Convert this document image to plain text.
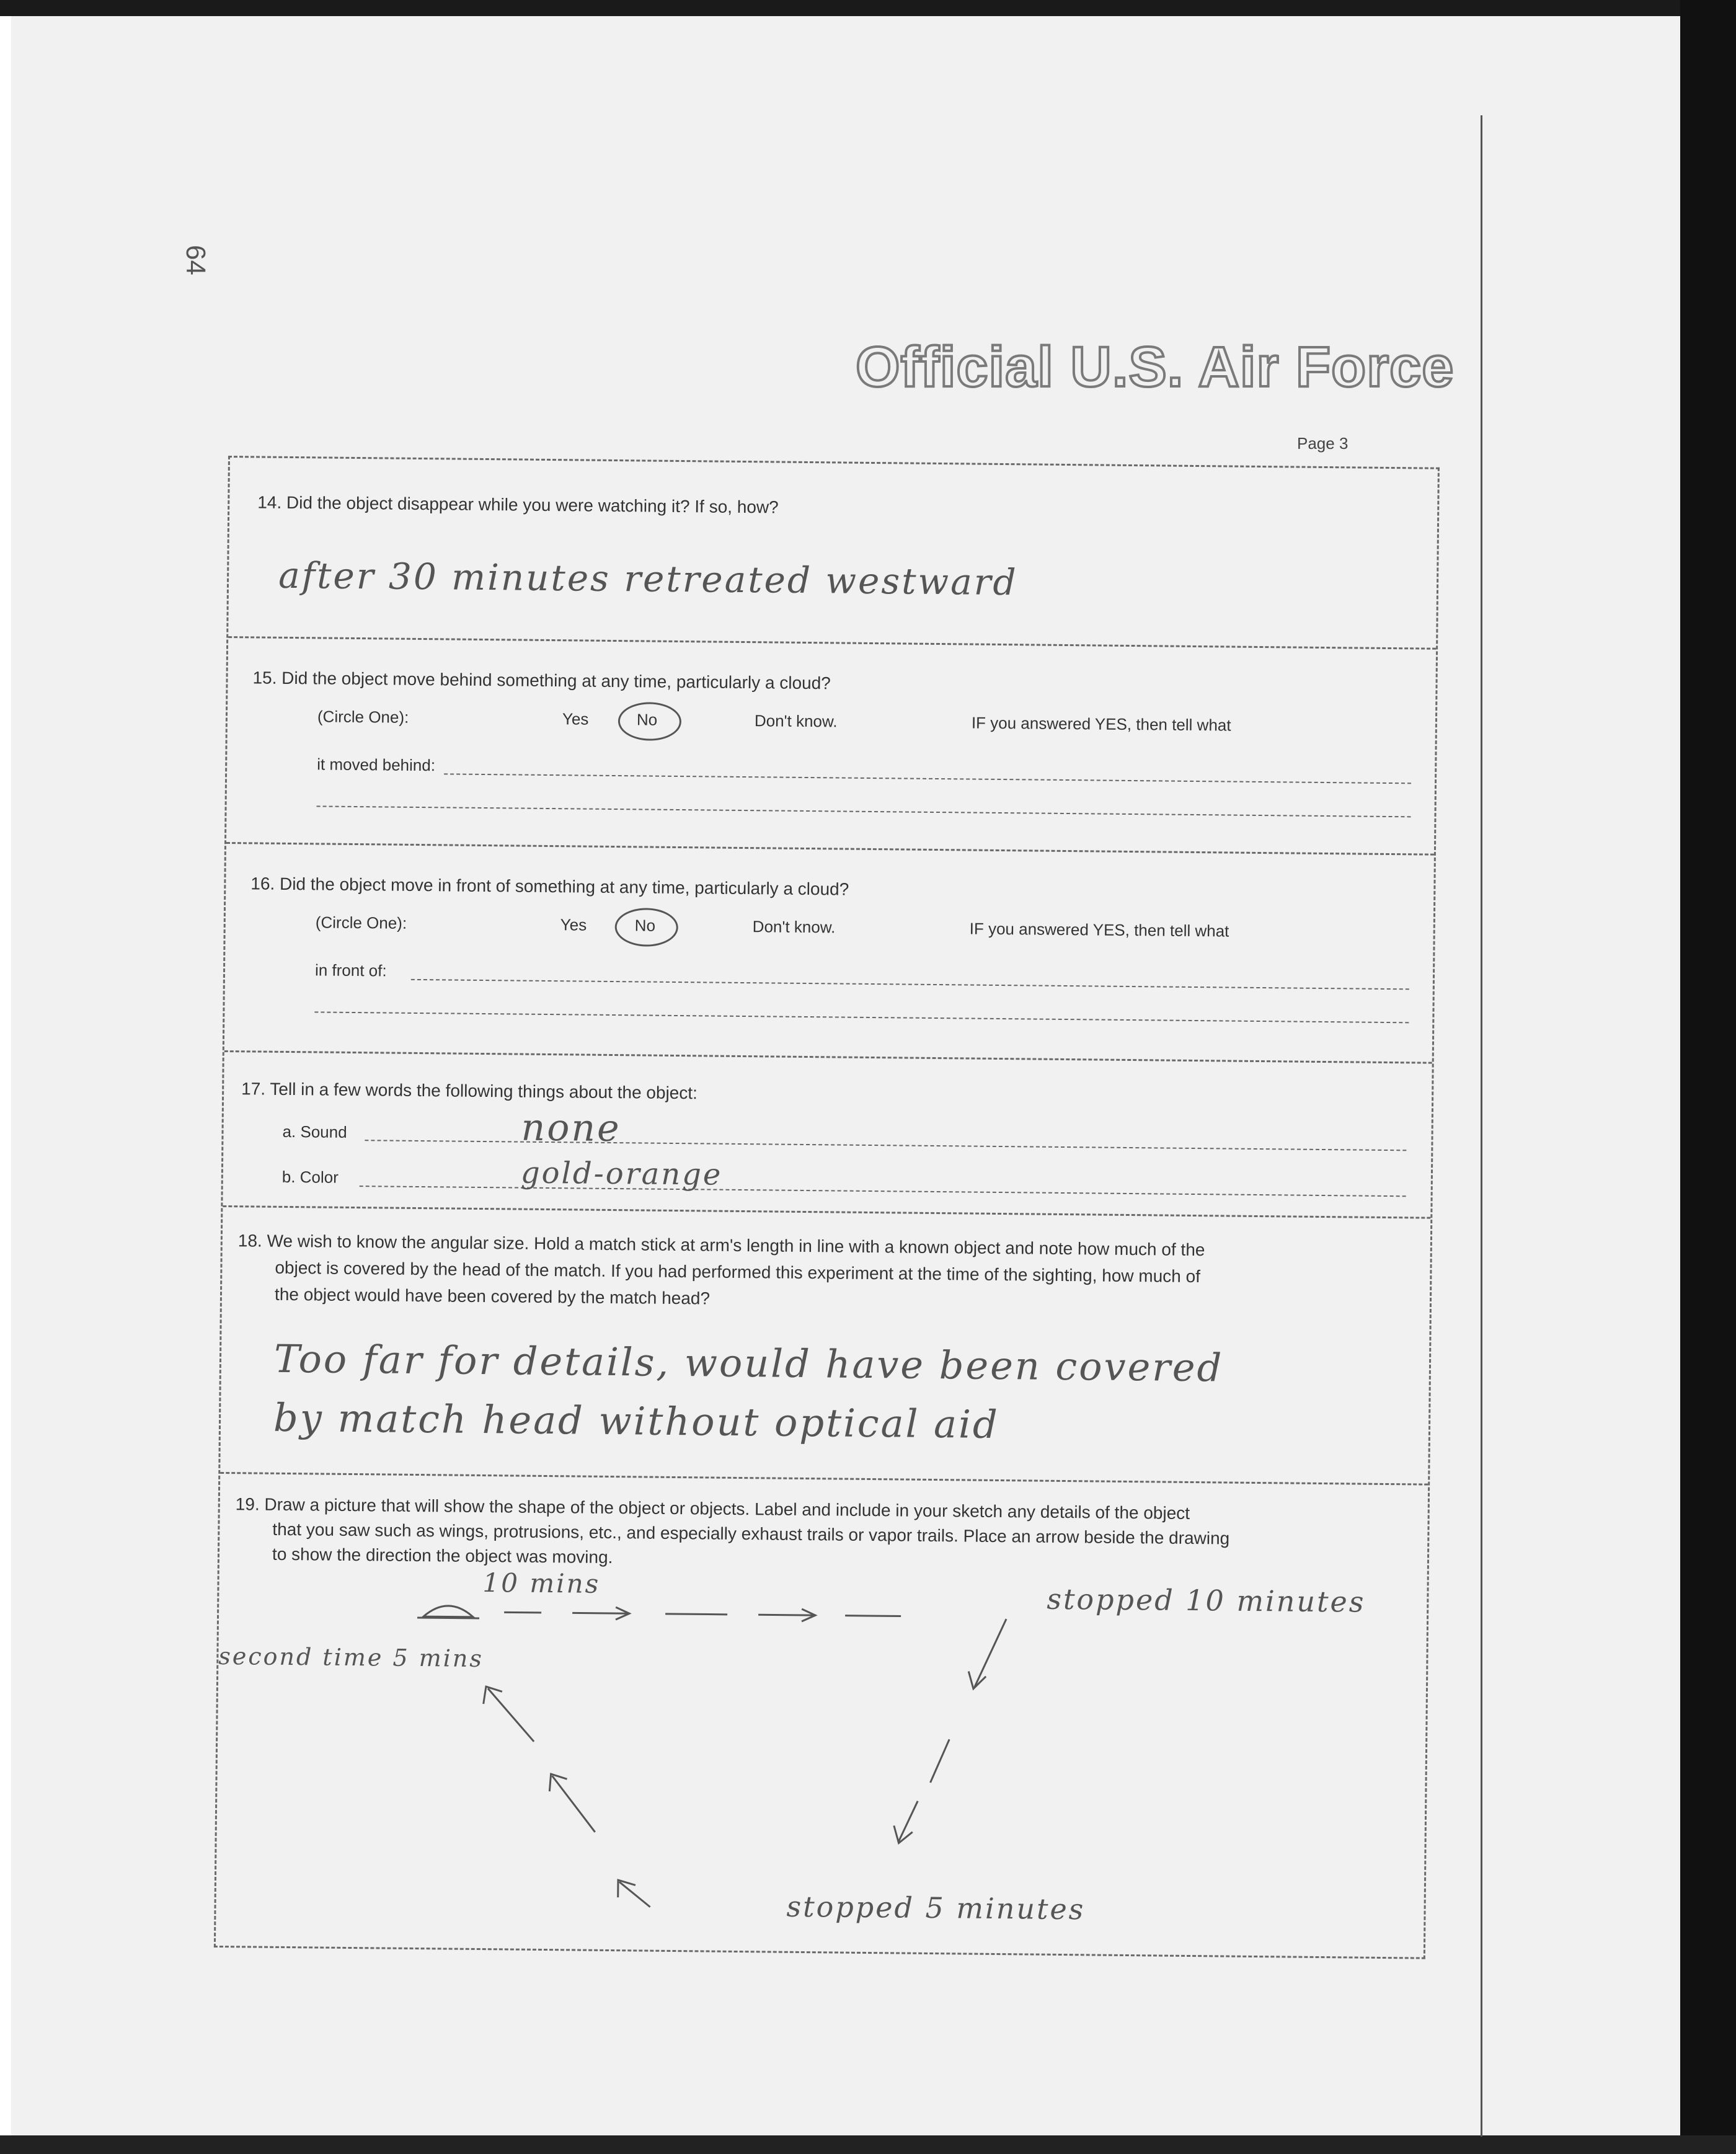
64
Official U.S. Air Force
Page 3
14. Did the object disappear while you were watching it? If so, how?
after 30 minutes retreated westward
15. Did the object move behind something at any time, particularly a cloud?
(Circle One):	Yes	No	Don't know.	IF you answered YES, then tell what
it moved behind:
16. Did the object move in front of something at any time, particularly a cloud?
(Circle One):	Yes	No	Don't know.	IF you answered YES, then tell what
in front of:
17. Tell in a few words the following things about the object:
a. Sound	none
b. Color	gold-orange
18. We wish to know the angular size. Hold a match stick at arm's length in line with a known object and note how much of the
object is covered by the head of the match. If you had performed this experiment at the time of the sighting, how much of
the object would have been covered by the match head?
Too far for details, would have been covered
by match head without optical aid
19. Draw a picture that will show the shape of the object or objects. Label and include in your sketch any details of the object
that you saw such as wings, protrusions, etc., and especially exhaust trails or vapor trails. Place an arrow beside the drawing
to show the direction the object was moving.
10 mins	stopped 10 minutes
second time 5 mins
stopped 5 minutes
